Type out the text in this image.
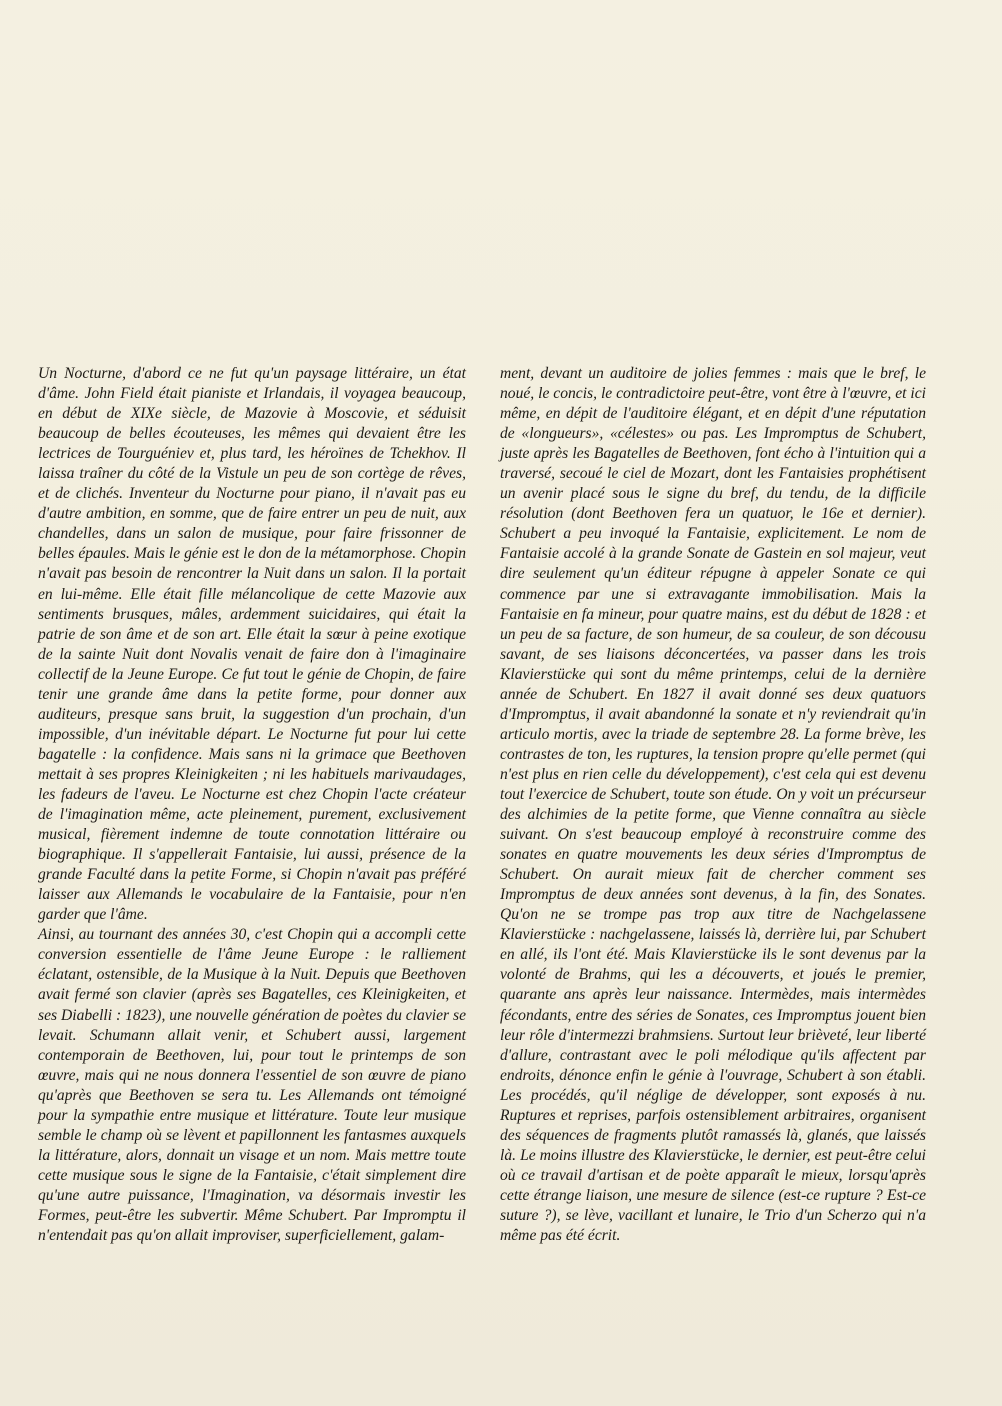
Un Nocturne, d'abord ce ne fut qu'un paysage littéraire, un état d'âme. John Field était pianiste et Irlandais, il voyagea beaucoup, en début de XIXe siècle, de Mazovie à Moscovie, et séduisit beaucoup de belles écouteuses, les mêmes qui devaient être les lectrices de Tourguéniev et, plus tard, les héroïnes de Tchekhov. Il laissa traîner du côté de la Vistule un peu de son cortège de rêves, et de clichés. Inventeur du Nocturne pour piano, il n'avait pas eu d'autre ambition, en somme, que de faire entrer un peu de nuit, aux chandelles, dans un salon de musique, pour faire frissonner de belles épaules. Mais le génie est le don de la métamorphose. Chopin n'avait pas besoin de rencontrer la Nuit dans un salon. Il la portait en lui-même. Elle était fille mélancolique de cette Mazovie aux sentiments brusques, mâles, ardemment suicidaires, qui était la patrie de son âme et de son art. Elle était la sœur à peine exotique de la sainte Nuit dont Novalis venait de faire don à l'imaginaire collectif de la Jeune Europe. Ce fut tout le génie de Chopin, de faire tenir une grande âme dans la petite forme, pour donner aux auditeurs, presque sans bruit, la suggestion d'un prochain, d'un impossible, d'un inévitable départ. Le Nocturne fut pour lui cette bagatelle : la confidence. Mais sans ni la grimace que Beethoven mettait à ses propres Kleinigkeiten ; ni les habituels marivaudages, les fadeurs de l'aveu. Le Nocturne est chez Chopin l'acte créateur de l'imagination même, acte pleinement, purement, exclusivement musical, fièrement indemne de toute connotation littéraire ou biographique. Il s'appellerait Fantaisie, lui aussi, présence de la grande Faculté dans la petite Forme, si Chopin n'avait pas préféré laisser aux Allemands le vocabulaire de la Fantaisie, pour n'en garder que l'âme.

Ainsi, au tournant des années 30, c'est Chopin qui a accompli cette conversion essentielle de l'âme Jeune Europe : le ralliement éclatant, ostensible, de la Musique à la Nuit. Depuis que Beethoven avait fermé son clavier (après ses Bagatelles, ces Kleinigkeiten, et ses Diabelli : 1823), une nouvelle génération de poètes du clavier se levait. Schumann allait venir, et Schubert aussi, largement contemporain de Beethoven, lui, pour tout le printemps de son œuvre, mais qui ne nous donnera l'essentiel de son œuvre de piano qu'après que Beethoven se sera tu. Les Allemands ont témoigné pour la sympathie entre musique et littérature. Toute leur musique semble le champ où se lèvent et papillonnent les fantasmes auxquels la littérature, alors, donnait un visage et un nom. Mais mettre toute cette musique sous le signe de la Fantaisie, c'était simplement dire qu'une autre puissance, l'Imagination, va désormais investir les Formes, peut-être les subvertir. Même Schubert. Par Impromptu il n'entendait pas qu'on allait improviser, superficiellement, galam-

ment, devant un auditoire de jolies femmes : mais que le bref, le noué, le concis, le contradictoire peut-être, vont être à l'œuvre, et ici même, en dépit de l'auditoire élégant, et en dépit d'une réputation de «longueurs», «célestes» ou pas. Les Impromptus de Schubert, juste après les Bagatelles de Beethoven, font écho à l'intuition qui a traversé, secoué le ciel de Mozart, dont les Fantaisies prophétisent un avenir placé sous le signe du bref, du tendu, de la difficile résolution (dont Beethoven fera un quatuor, le 16e et dernier). Schubert a peu invoqué la Fantaisie, explicitement. Le nom de Fantaisie accolé à la grande Sonate de Gastein en sol majeur, veut dire seulement qu'un éditeur répugne à appeler Sonate ce qui commence par une si extravagante immobilisation. Mais la Fantaisie en fa mineur, pour quatre mains, est du début de 1828 : et un peu de sa facture, de son humeur, de sa couleur, de son décousu savant, de ses liaisons déconcertées, va passer dans les trois Klavierstücke qui sont du même printemps, celui de la dernière année de Schubert. En 1827 il avait donné ses deux quatuors d'Impromptus, il avait abandonné la sonate et n'y reviendrait qu'in articulo mortis, avec la triade de septembre 28. La forme brève, les contrastes de ton, les ruptures, la tension propre qu'elle permet (qui n'est plus en rien celle du développement), c'est cela qui est devenu tout l'exercice de Schubert, toute son étude. On y voit un précurseur des alchimies de la petite forme, que Vienne connaîtra au siècle suivant. On s'est beaucoup employé à reconstruire comme des sonates en quatre mouvements les deux séries d'Impromptus de Schubert. On aurait mieux fait de chercher comment ses Impromptus de deux années sont devenus, à la fin, des Sonates. Qu'on ne se trompe pas trop aux titre de Nachgelassene Klavierstücke : nachgelassene, laissés là, derrière lui, par Schubert en allé, ils l'ont été. Mais Klavierstücke ils le sont devenus par la volonté de Brahms, qui les a découverts, et joués le premier, quarante ans après leur naissance. Intermèdes, mais intermèdes fécondants, entre des séries de Sonates, ces Impromptus jouent bien leur rôle d'intermezzi brahmsiens. Surtout leur brièveté, leur liberté d'allure, contrastant avec le poli mélodique qu'ils affectent par endroits, dénonce enfin le génie à l'ouvrage, Schubert à son établi. Les procédés, qu'il néglige de développer, sont exposés à nu. Ruptures et reprises, parfois ostensiblement arbitraires, organisent des séquences de fragments plutôt ramassés là, glanés, que laissés là. Le moins illustre des Klavierstücke, le dernier, est peut-être celui où ce travail d'artisan et de poète apparaît le mieux, lorsqu'après cette étrange liaison, une mesure de silence (est-ce rupture ? Est-ce suture ?), se lève, vacillant et lunaire, le Trio d'un Scherzo qui n'a même pas été écrit.
